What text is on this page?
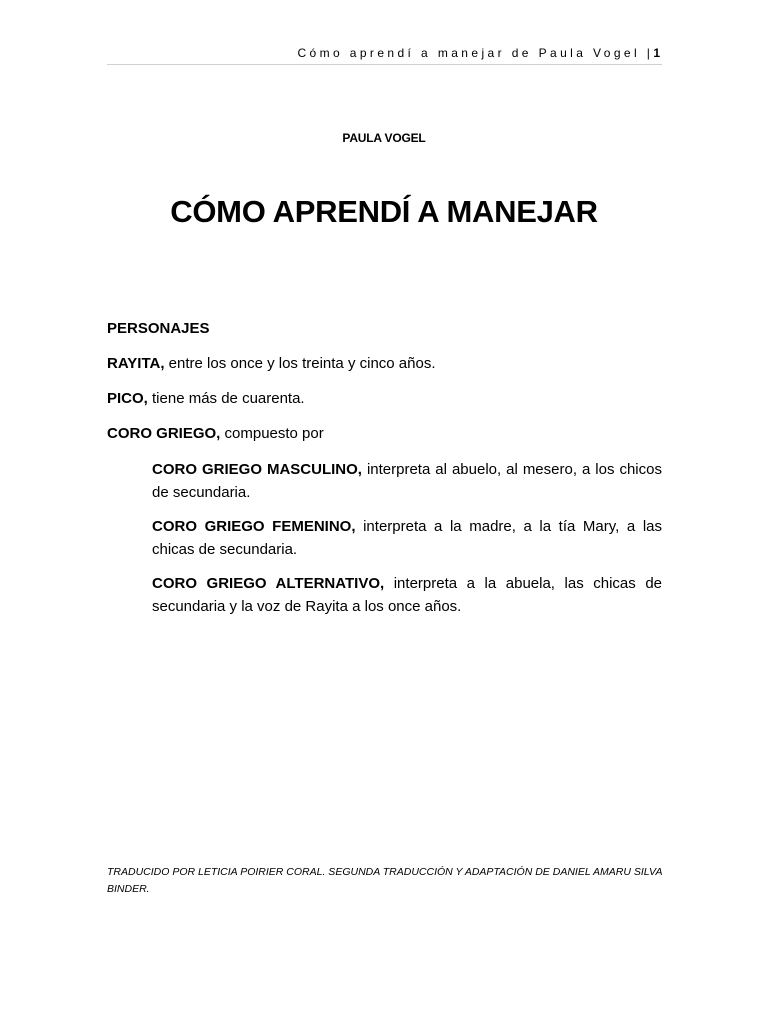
Cómo aprendí a manejar de Paula Vogel |1
PAULA VOGEL
CÓMO APRENDÍ A MANEJAR
PERSONAJES
RAYITA, entre los once y los treinta y cinco años.
PICO, tiene más de cuarenta.
CORO GRIEGO, compuesto por
CORO GRIEGO MASCULINO, interpreta al abuelo, al mesero, a los chicos de secundaria.
CORO GRIEGO FEMENINO, interpreta a la madre, a la tía Mary, a las chicas de secundaria.
CORO GRIEGO ALTERNATIVO, interpreta a la abuela, las chicas de secundaria y la voz de Rayita a los once años.
TRADUCIDO POR LETICIA POIRIER CORAL. SEGUNDA TRADUCCIÓN Y ADAPTACIÓN DE DANIEL AMARU SILVA BINDER.
